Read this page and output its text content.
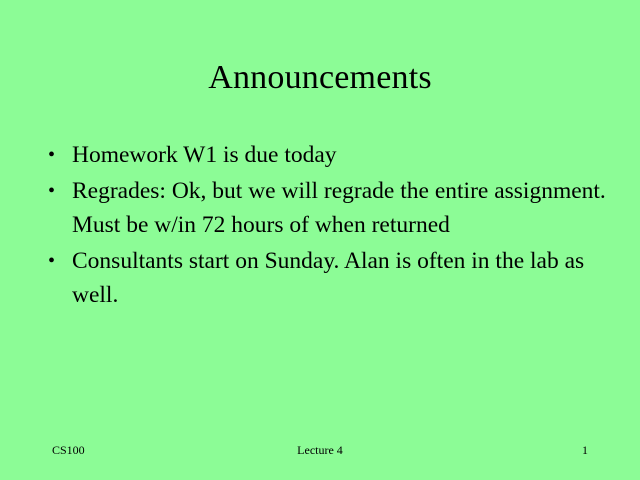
Announcements
• Homework W1 is due today
• Regrades: Ok, but we will regrade the entire assignment. Must be w/in 72 hours of when returned
• Consultants start on Sunday. Alan is often in the lab as well.
CS100	Lecture 4	1
